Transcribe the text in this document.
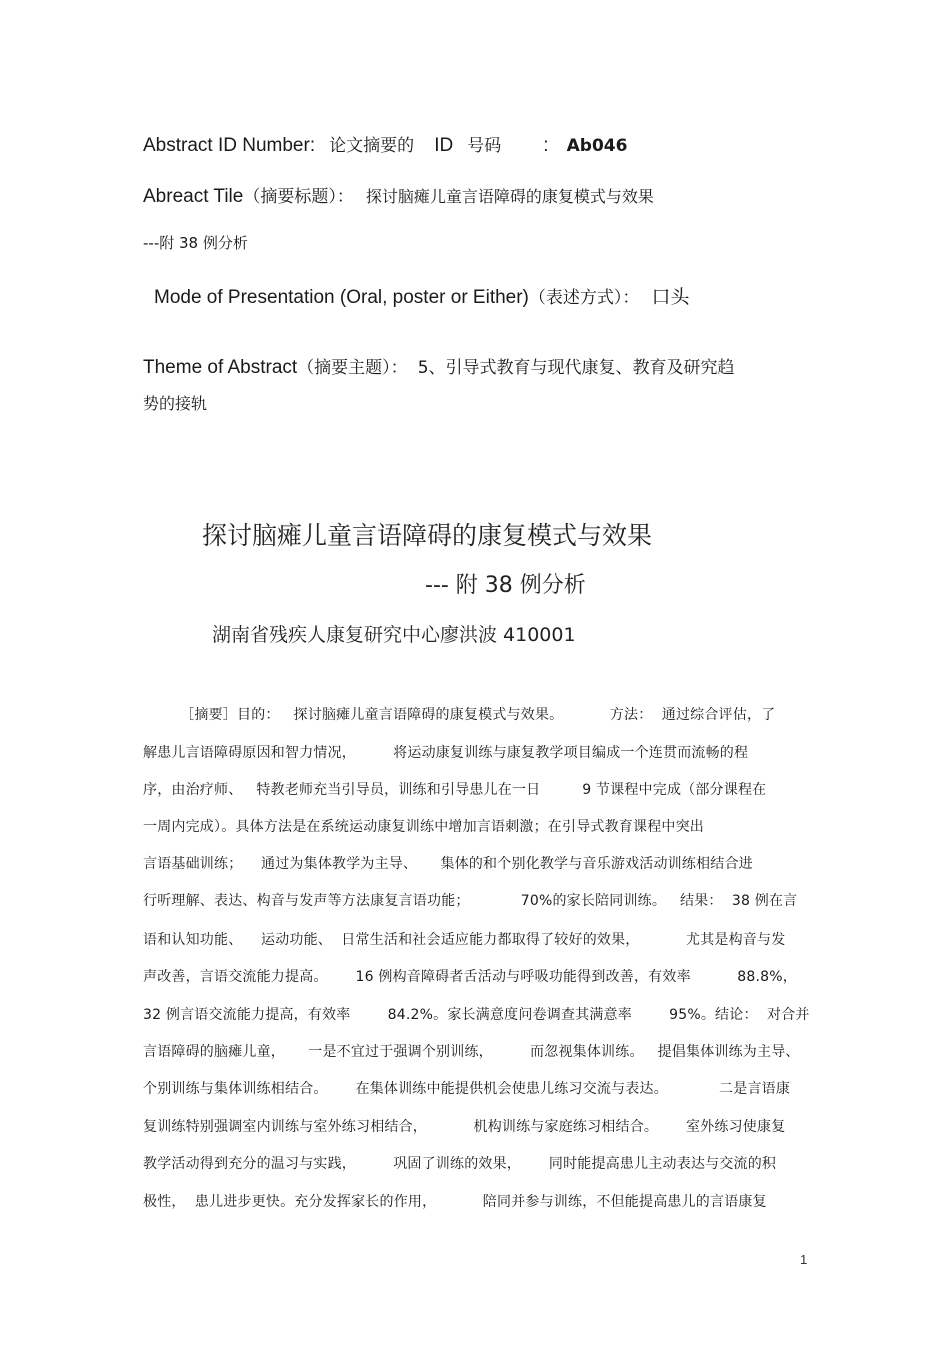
Abstract ID Number: 论文摘要的 ID 号码 : Ab046
Abreact Tile（摘要标题）： 探讨脑瘫儿童言语障碍的康复模式与效果
---附 38 例分析
Mode of Presentation (Oral, poster or Either)（表述方式）： 口头
Theme of Abstract（摘要主题）： 5、引导式教育与现代康复、教育及研究趋
势的接轨
探讨脑瘫儿童言语障碍的康复模式与效果
--- 附 38 例分析
湖南省残疾人康复研究中心廖洪波 410001
［摘要］目的：   探讨脑瘫儿童言语障碍的康复模式与效果。          方法：  通过综合评估，了
解患儿言语障碍原因和智力情况，        将运动康复训练与康复教学项目编成一个连贯而流畅的程
序，由治疗师、   特教老师充当引导员，训练和引导患儿在一日         9 节课程中完成（部分课程在
一周内完成）。具体方法是在系统运动康复训练中增加言语刺激；在引导式教育课程中突出
言语基础训练；    通过为集体教学为主导、     集体的和个别化教学与音乐游戏活动训练相结合进
行听理解、表达、构音与发声等方法康复言语功能；           70%的家长陪同训练。   结果：  38 例在言
语和认知功能、    运动功能、  日常生活和社会适应能力都取得了较好的效果，          尤其是构音与发
声改善，言语交流能力提高。      16 例构音障碍者舌活动与呼吸功能得到改善，有效率          88.8%，
32 例言语交流能力提高，有效率        84.2%。家长满意度问卷调查其满意率        95%。结论：  对合并
言语障碍的脑瘫儿童，     一是不宜过于强调个别训练，        而忽视集体训练。   提倡集体训练为主导、
个别训练与集体训练相结合。      在集体训练中能提供机会使患儿练习交流与表达。           二是言语康
复训练特别强调室内训练与室外练习相结合，          机构训练与家庭练习相结合。      室外练习使康复
教学活动得到充分的温习与实践，        巩固了训练的效果，      同时能提高患儿主动表达与交流的积
极性，  患儿进步更快。充分发挥家长的作用，          陪同并参与训练，不但能提高患儿的言语康复
1
